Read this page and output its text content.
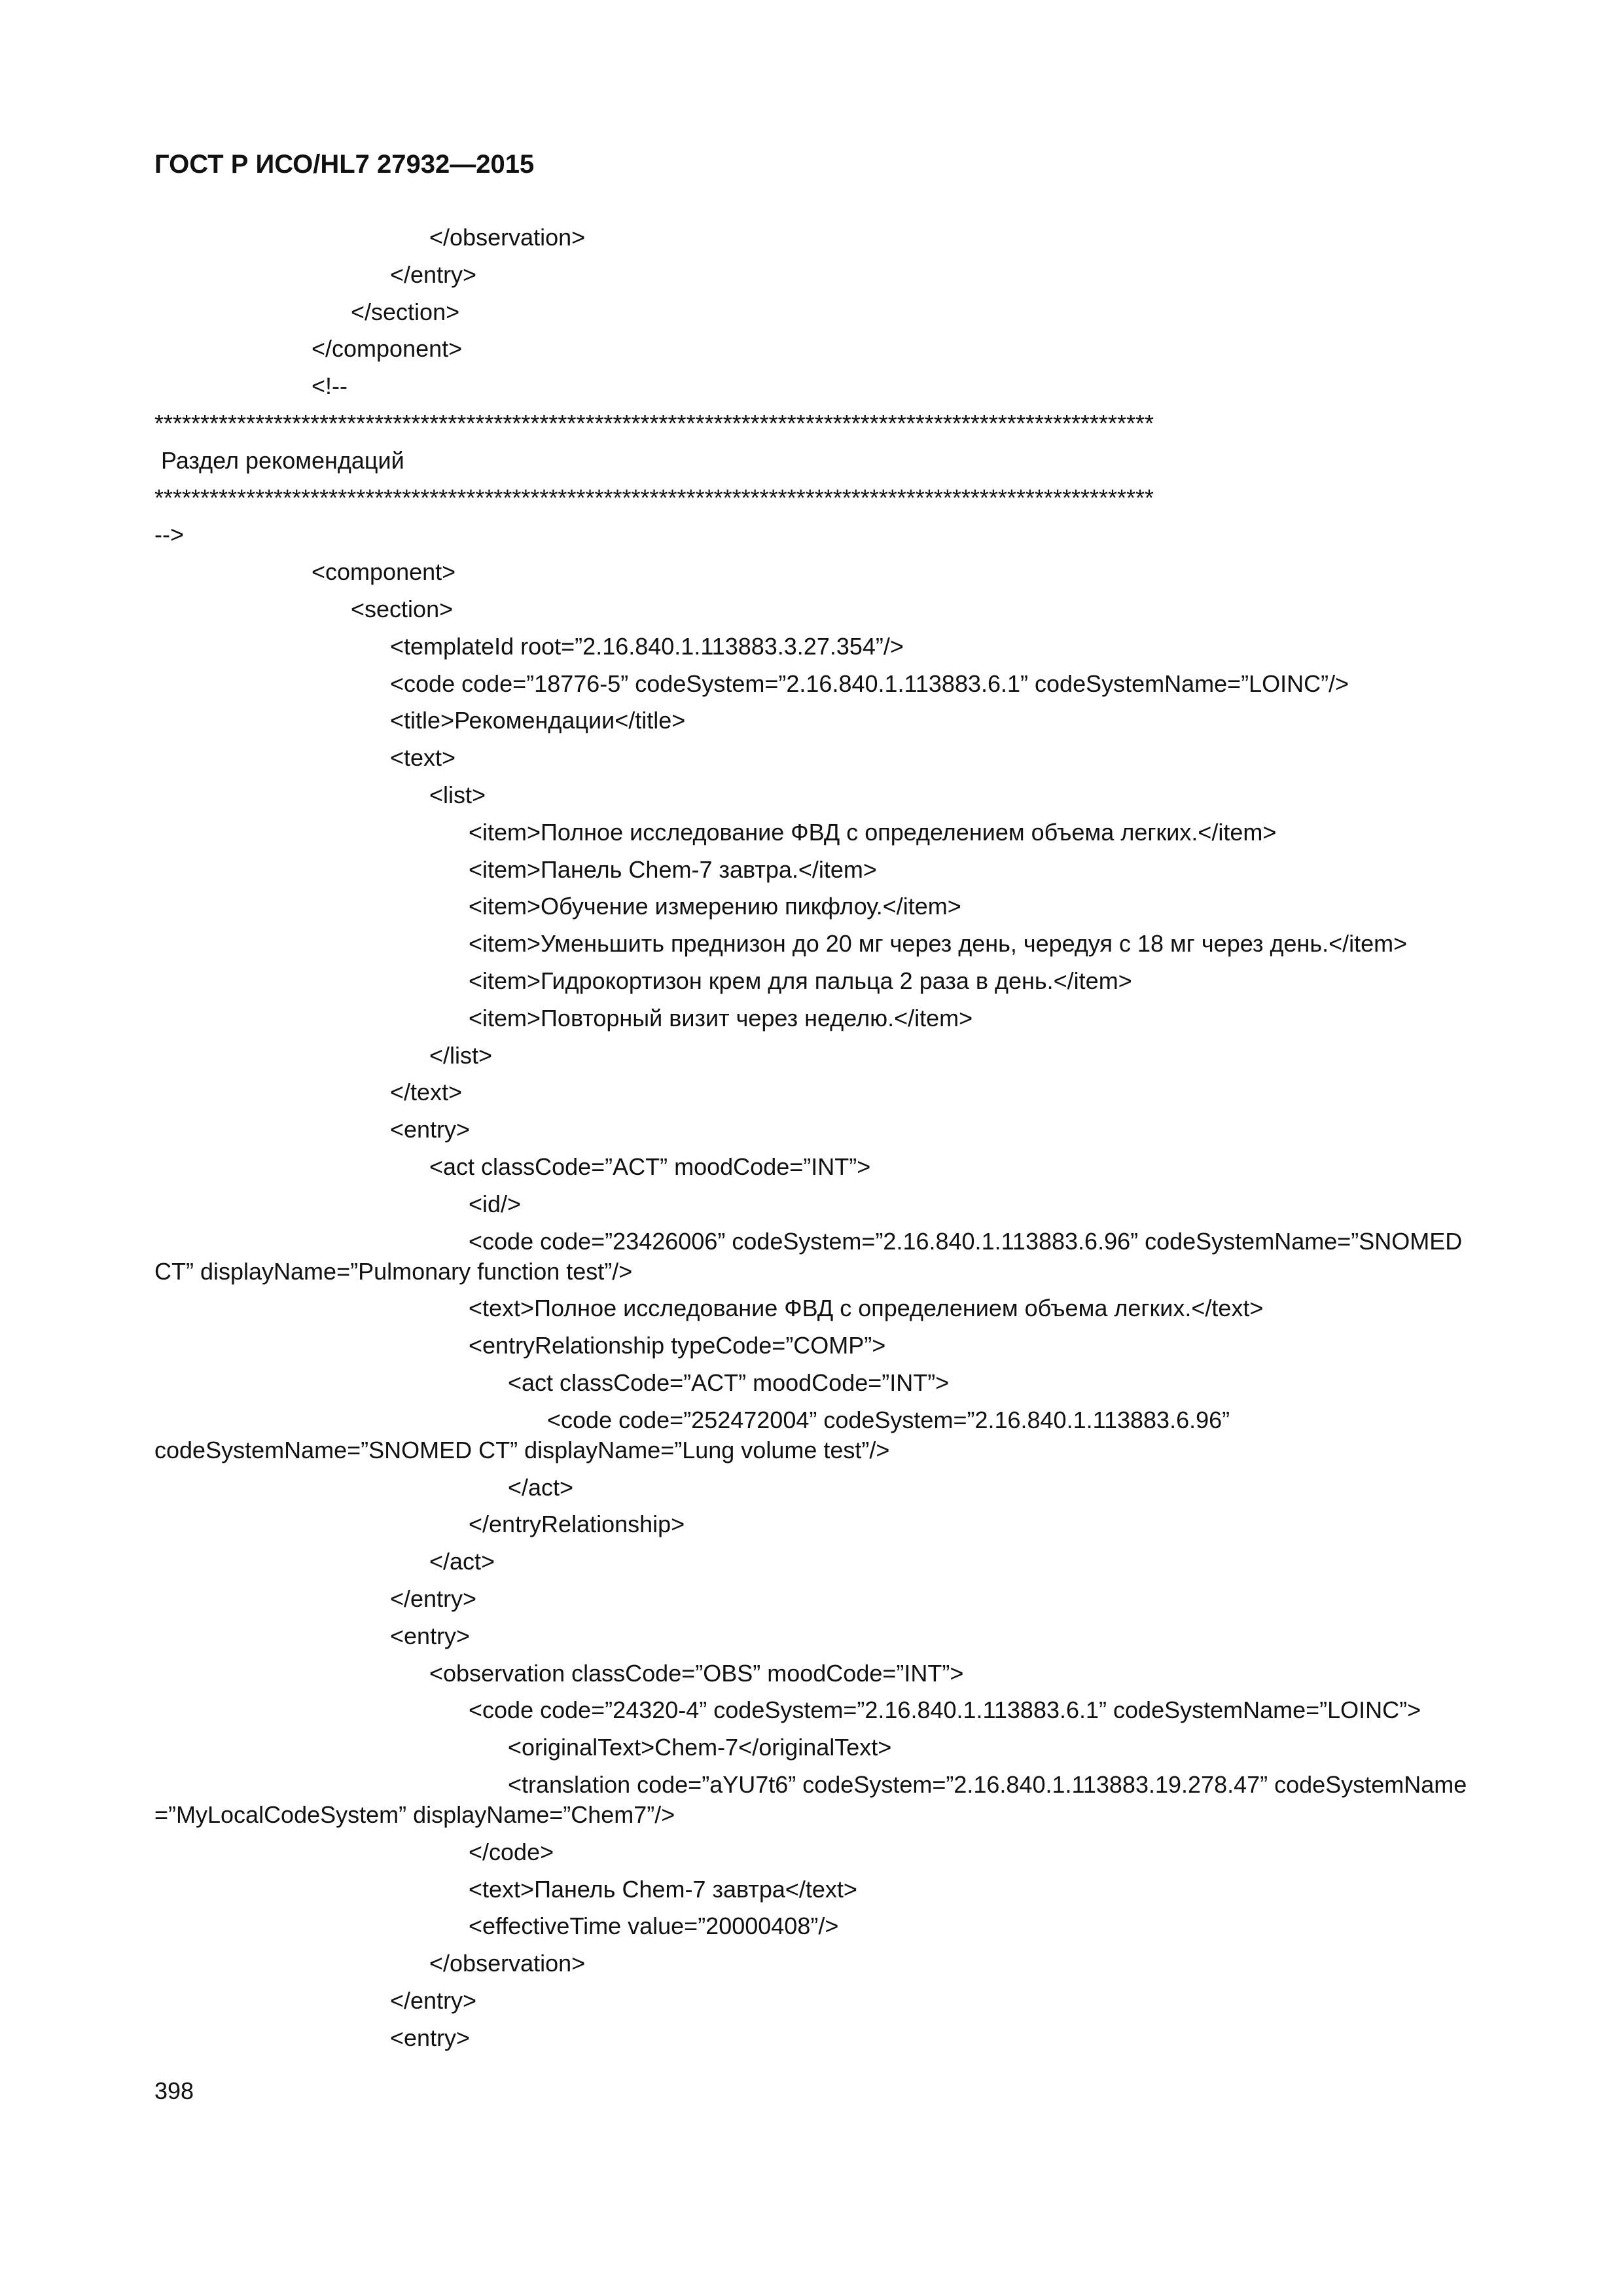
ГОСТ Р ИСО/HL7 27932—2015
</observation>
</entry>
</section>
</component>
<!--
*************************************************************************************************************
Раздел рекомендаций
*************************************************************************************************************
-->
<component>
<section>
<templateId root=”2.16.840.1.113883.3.27.354”/>
<code code=”18776-5” codeSystem=”2.16.840.1.113883.6.1” codeSystemName=”LOINC”/>
<title>Рекомендации</title>
<text>
<list>
<item>Полное исследование ФВД с определением объема легких.</item>
<item>Панель Chem-7 завтра.</item>
<item>Обучение измерению пикфлоу.</item>
<item>Уменьшить преднизон до 20 мг через день, чередуя с 18 мг через день.</item>
<item>Гидрокортизон крем для пальца 2 раза в день.</item>
<item>Повторный визит через неделю.</item>
</list>
</text>
<entry>
<act classCode=”ACT” moodCode=”INT”>
<id/>
<code code=”23426006” codeSystem=”2.16.840.1.113883.6.96” codeSystemName=”SNOMED
CT” displayName=”Pulmonary function test”/>
<text>Полное исследование ФВД с определением объема легких.</text>
<entryRelationship typeCode=”COMP”>
<act classCode=”ACT” moodCode=”INT”>
<code code=”252472004” codeSystem=”2.16.840.1.113883.6.96”
codeSystemName=”SNOMED CT” displayName=”Lung volume test”/>
</act>
</entryRelationship>
</act>
</entry>
<entry>
<observation classCode=”OBS” moodCode=”INT”>
<code code=”24320-4” codeSystem=”2.16.840.1.113883.6.1” codeSystemName=”LOINC”>
<originalText>Chem-7</originalText>
<translation code=”aYU7t6” codeSystem=”2.16.840.1.113883.19.278.47” codeSystemName
=”MyLocalCodeSystem” displayName=”Chem7”/>
</code>
<text>Панель Chem-7 завтра</text>
<effectiveTime value=”20000408”/>
</observation>
</entry>
<entry>
398
